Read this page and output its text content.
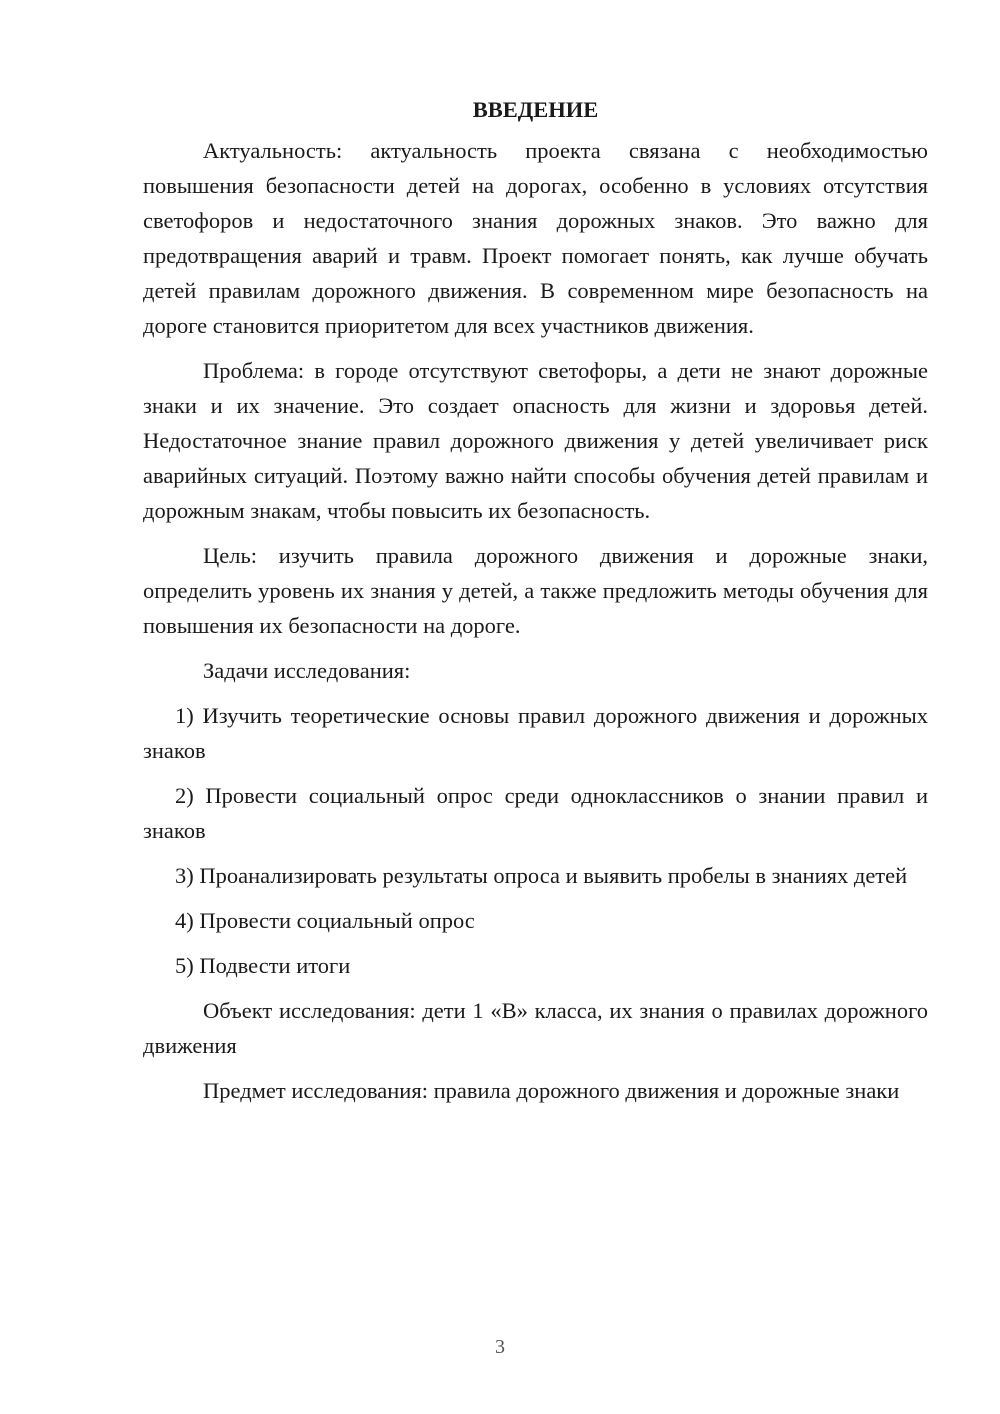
ВВЕДЕНИЕ

Актуальность: актуальность проекта связана с необходимостью повышения безопасности детей на дорогах, особенно в условиях отсутствия светофоров и недостаточного знания дорожных знаков. Это важно для предотвращения аварий и травм. Проект помогает понять, как лучше обучать детей правилам дорожного движения. В современном мире безопасность на дороге становится приоритетом для всех участников движения.

Проблема: в городе отсутствуют светофоры, а дети не знают дорожные знаки и их значение. Это создает опасность для жизни и здоровья детей. Недостаточное знание правил дорожного движения у детей увеличивает риск аварийных ситуаций. Поэтому важно найти способы обучения детей правилам и дорожным знакам, чтобы повысить их безопасность.

Цель: изучить правила дорожного движения и дорожные знаки, определить уровень их знания у детей, а также предложить методы обучения для повышения их безопасности на дороге.

Задачи исследования:

1) Изучить теоретические основы правил дорожного движения и дорожных знаков

2) Провести социальный опрос среди одноклассников о знании правил и знаков

3) Проанализировать результаты опроса и выявить пробелы в знаниях детей

4) Провести социальный опрос

5) Подвести итоги

Объект исследования: дети 1 «В» класса, их знания о правилах дорожного движения

Предмет исследования: правила дорожного движения и дорожные знаки

3
